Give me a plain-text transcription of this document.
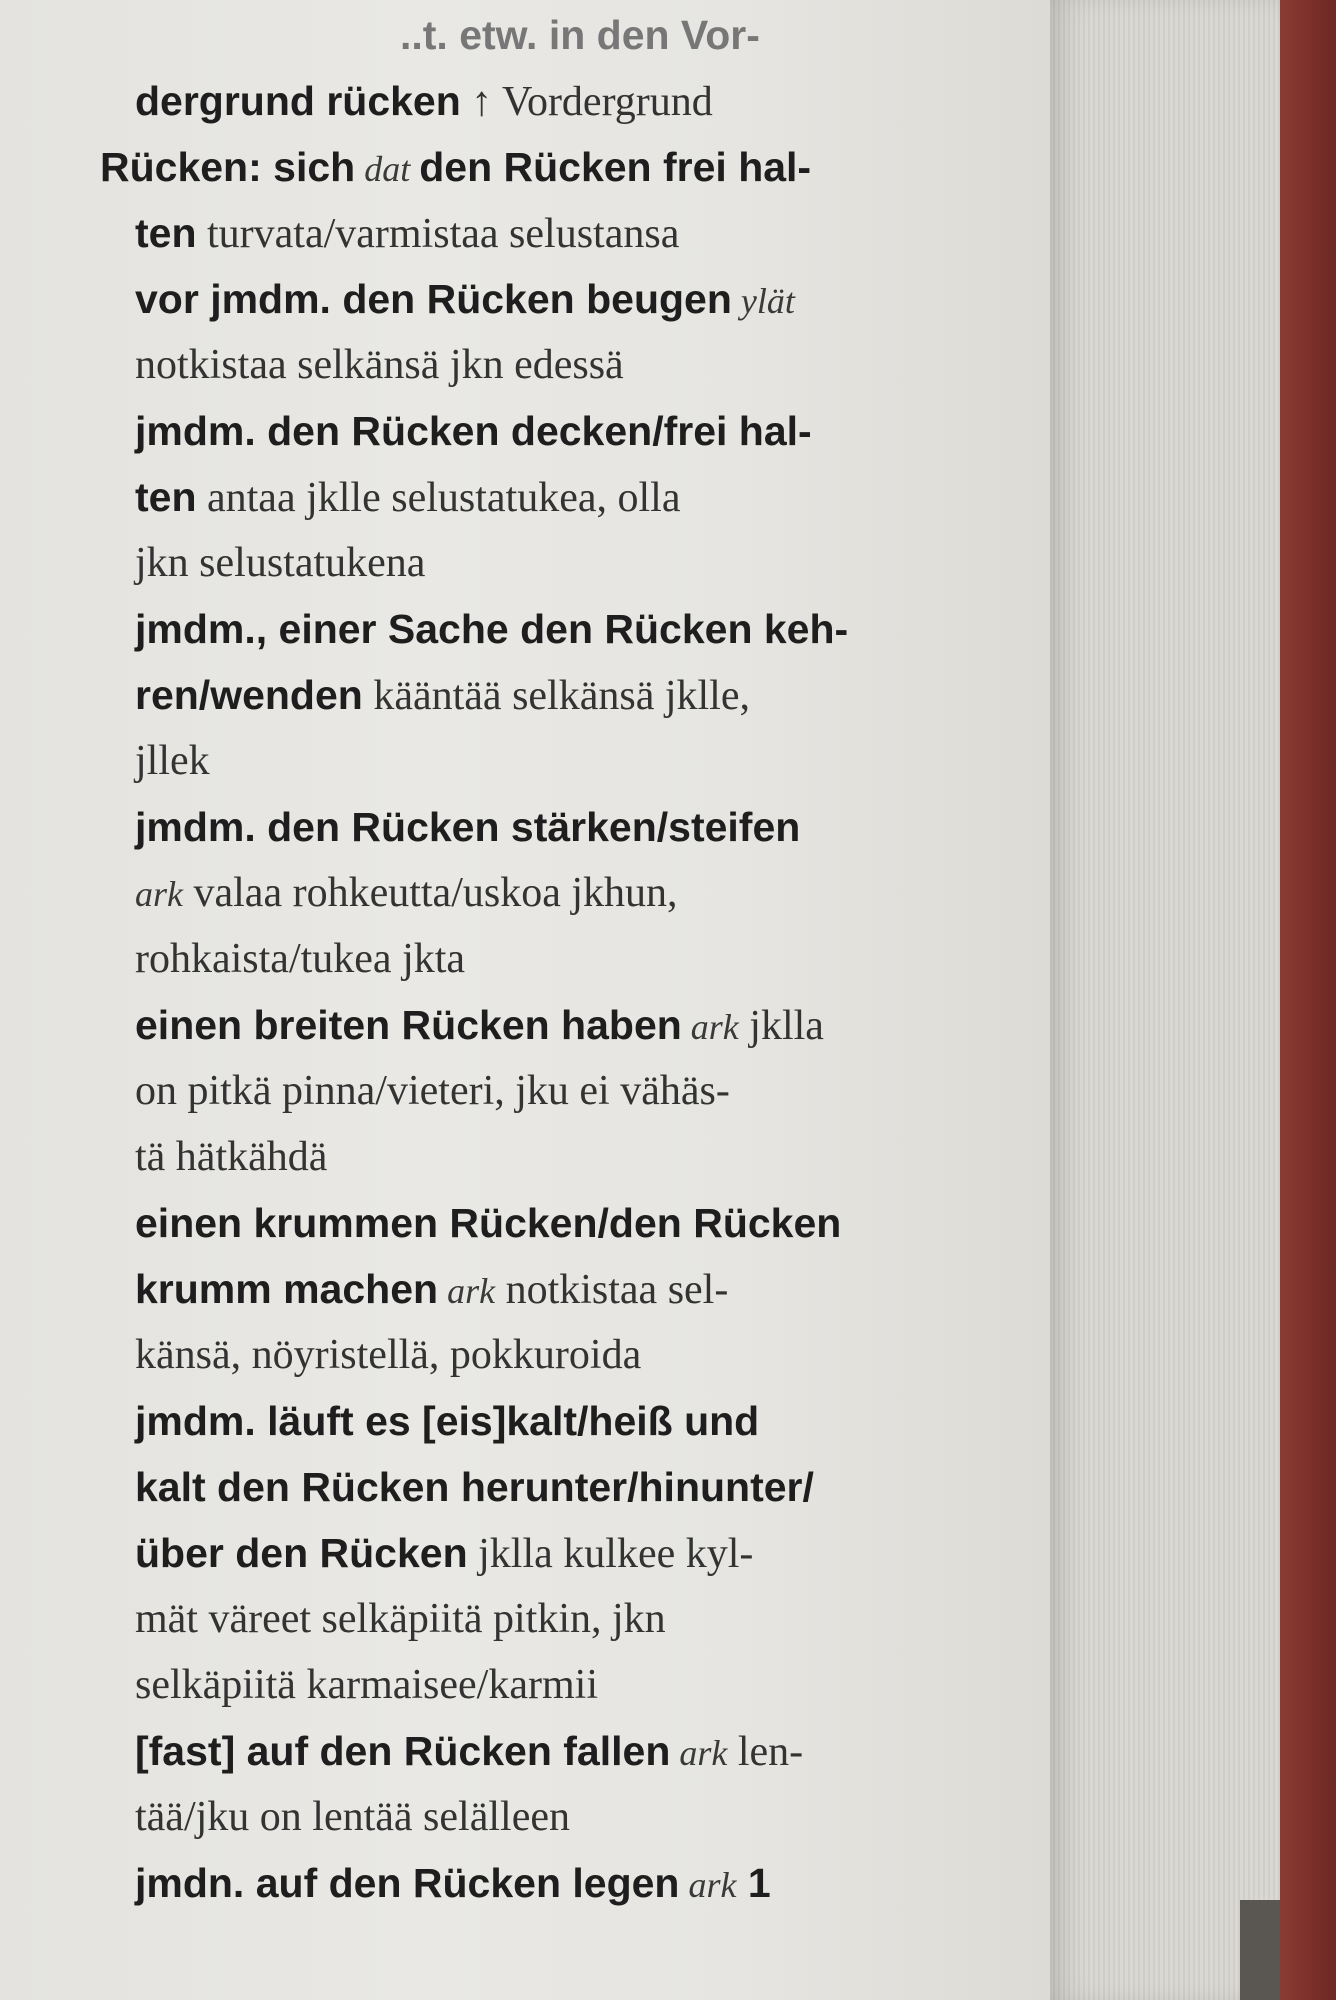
..t. etw. in den Vor-
dergrund rücken ↑ Vordergrund
Rücken: sich dat den Rücken frei hal-
ten turvata/varmistaa selustansa
vor jmdm. den Rücken beugen ylät
notkistaa selkänsä jkn edessä
jmdm. den Rücken decken/frei hal-
ten antaa jklle selustatukea, olla
jkn selustatukena
jmdm., einer Sache den Rücken keh-
ren/wenden kääntää selkänsä jklle,
jllek
jmdm. den Rücken stärken/steifen
ark valaa rohkeutta/uskoa jkhun,
rohkaista/tukea jkta
einen breiten Rücken haben ark jklla
on pitkä pinna/vieteri, jku ei vähäs-
tä hätkähdä
einen krummen Rücken/den Rücken
krumm machen ark notkistaa sel-
känsä, nöyristellä, pokkuroida
jmdm. läuft es [eis]kalt/heiß und
kalt den Rücken herunter/hinunter/
über den Rücken jklla kulkee kyl-
mät väreet selkäpiitä pitkin, jkn
selkäpiitä karmaisee/karmii
[fast] auf den Rücken fallen ark len-
tää/jku on lentää selälleen
jmdn. auf den Rücken legen ark 1
